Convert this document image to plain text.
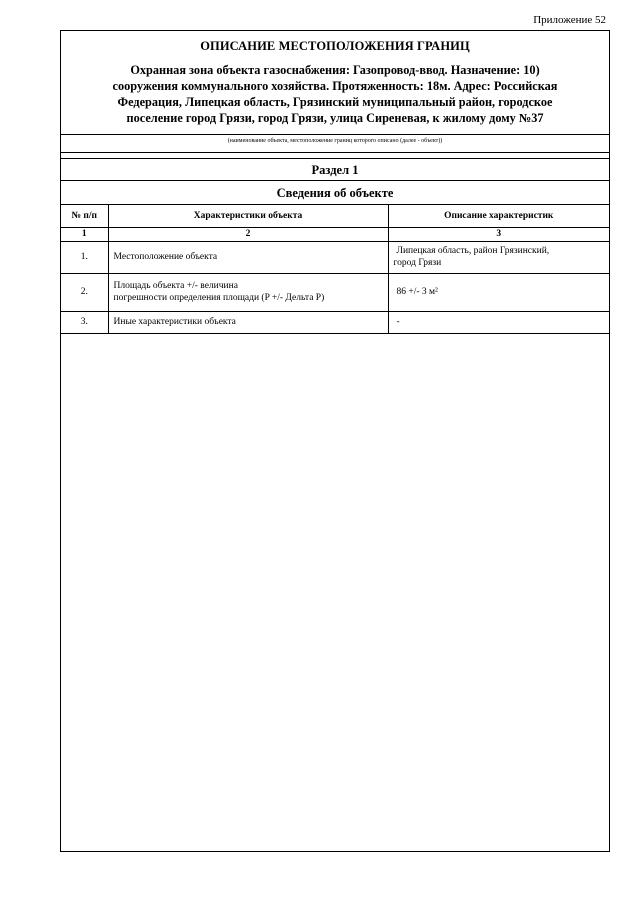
Приложение 52
ОПИСАНИЕ МЕСТОПОЛОЖЕНИЯ ГРАНИЦ
Охранная зона объекта газоснабжения: Газопровод-ввод. Назначение: 10)
сооружения коммунального хозяйства. Протяженность: 18м. Адрес: Российская
Федерация, Липецкая область, Грязинский муниципальный район, городское
поселение город Грязи, город Грязи, улица Сиреневая, к жилому дому №37
(наименование объекта, местоположение границ которого описано (далее - объект))
Раздел 1
Сведения об объекте
№ п/п	Характеристики объекта	Описание характеристик
1	2	3
1.	Местоположение объекта	Липецкая область, район Грязинский,
город Грязи

2.	Площадь объекта +/- величина
погрешности определения площади (P +/- Дельта P)	86 +/- 3 м²
3.	Иные характеристики объекта	-
